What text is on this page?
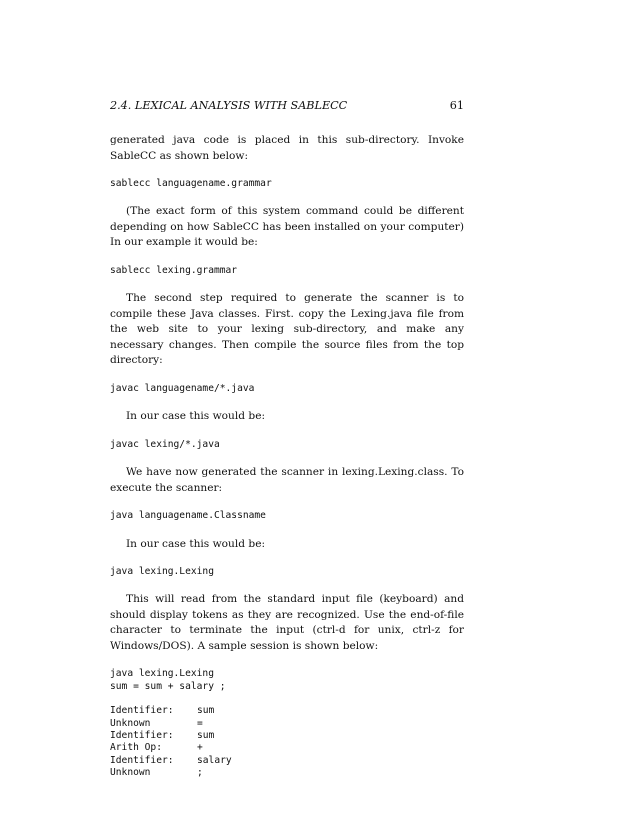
2.4. LEXICAL ANALYSIS WITH SABLECC	61

generated java code is placed in this sub-directory. Invoke SableCC as shown below:

sablecc languagename.grammar

(The exact form of this system command could be different depending on how SableCC has been installed on your computer) In our example it would be:

sablecc lexing.grammar

The second step required to generate the scanner is to compile these Java classes. First. copy the Lexing.java file from the web site to your lexing sub-directory, and make any necessary changes. Then compile the source files from the top directory:

javac languagename/*.java

In our case this would be:

javac lexing/*.java

We have now generated the scanner in lexing.Lexing.class. To execute the scanner:

java languagename.Classname

In our case this would be:

java lexing.Lexing

This will read from the standard input file (keyboard) and should display tokens as they are recognized. Use the end-of-file character to terminate the input (ctrl-d for unix, ctrl-z for Windows/DOS). A sample session is shown below:

java lexing.Lexing
sum = sum + salary ;
Identifier:	sum
Unknown	=
Identifier:	sum
Arith Op:	+
Identifier:	salary
Unknown	;
